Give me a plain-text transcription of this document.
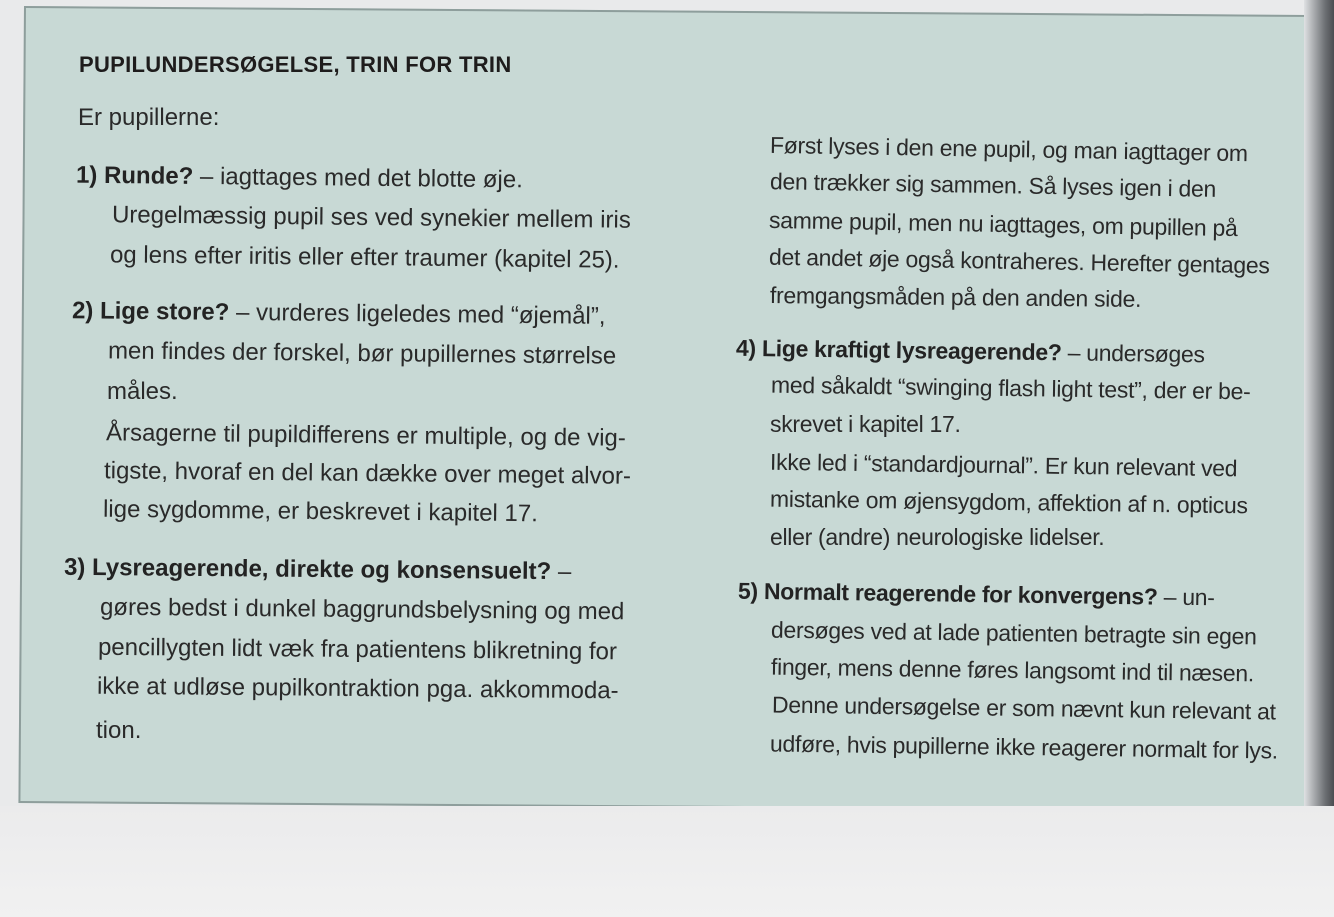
PUPILUNDERSØGELSE, TRIN FOR TRIN
Er pupillerne:
1) Runde? – iagttages med det blotte øje.
Uregelmæssig pupil ses ved synekier mellem iris
og lens efter iritis eller efter traumer (kapitel 25).
2) Lige store? – vurderes ligeledes med “øjemål”,
men findes der forskel, bør pupillernes størrelse
måles.
Årsagerne til pupildifferens er multiple, og de vig-
tigste, hvoraf en del kan dække over meget alvor-
lige sygdomme, er beskrevet i kapitel 17.
3) Lysreagerende, direkte og konsensuelt? –
gøres bedst i dunkel baggrundsbelysning og med
pencillygten lidt væk fra patientens blikretning for
ikke at udløse pupilkontraktion pga. akkommoda-
tion.
Først lyses i den ene pupil, og man iagttager om
den trækker sig sammen. Så lyses igen i den
samme pupil, men nu iagttages, om pupillen på
det andet øje også kontraheres. Herefter gentages
fremgangsmåden på den anden side.
4) Lige kraftigt lysreagerende? – undersøges
med såkaldt “swinging flash light test”, der er be-
skrevet i kapitel 17.
Ikke led i “standardjournal”. Er kun relevant ved
mistanke om øjensygdom, affektion af n. opticus
eller (andre) neurologiske lidelser.
5) Normalt reagerende for konvergens? – un-
dersøges ved at lade patienten betragte sin egen
finger, mens denne føres langsomt ind til næsen.
Denne undersøgelse er som nævnt kun relevant at
udføre, hvis pupillerne ikke reagerer normalt for lys.
